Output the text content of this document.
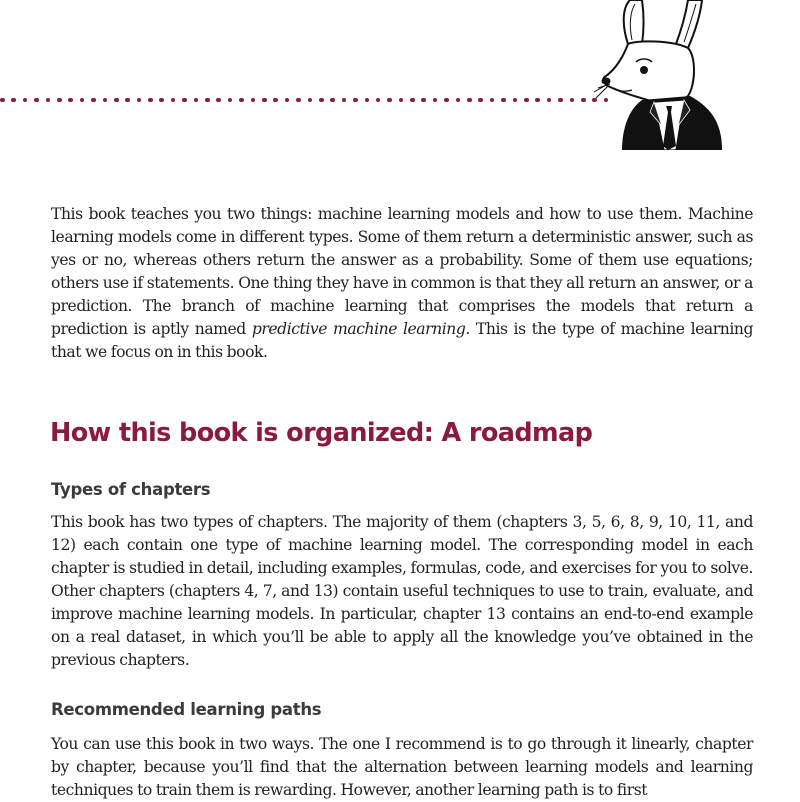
This book teaches you two things: machine learning models and how to use them. Machine learning models come in different types. Some of them return a deterministic answer, such as yes or no, whereas others return the answer as a probability. Some of them use equations; others use if statements. One thing they have in common is that they all return an answer, or a prediction. The branch of machine learning that comprises the models that return a prediction is aptly named predictive machine learning. This is the type of machine learning that we focus on in this book.

How this book is organized: A roadmap
Types of chapters

This book has two types of chapters. The majority of them (chapters 3, 5, 6, 8, 9, 10, 11, and 12) each contain one type of machine learning model. The corresponding model in each chapter is studied in detail, including examples, formulas, code, and exercises for you to solve. Other chapters (chapters 4, 7, and 13) contain useful techniques to use to train, evaluate, and improve machine learning models. In particular, chapter 13 contains an end-to-end example on a real dataset, in which you’ll be able to apply all the knowledge you’ve obtained in the previous chapters.

Recommended learning paths

You can use this book in two ways. The one I recommend is to go through it linearly, chapter by chapter, because you’ll find that the alternation between learning models and learning techniques to train them is rewarding. However, another learning path is to first
